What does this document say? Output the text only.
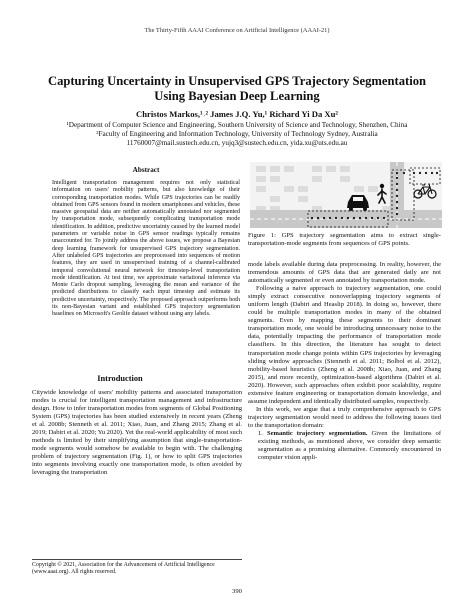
The Thirty-Fifth AAAI Conference on Artificial Intelligence (AAAI-21)
Capturing Uncertainty in Unsupervised GPS Trajectory Segmentation
Using Bayesian Deep Learning
Christos Markos,¹˒² James J.Q. Yu,¹ Richard Yi Da Xu²
¹Department of Computer Science and Engineering, Southern University of Science and Technology, Shenzhen, China
²Faculty of Engineering and Information Technology, University of Technology Sydney, Australia
11760007@mail.sustech.edu.cn, yujq3@sustech.edu.cn, yida.xu@uts.edu.au
Abstract

Intelligent transportation management requires not only statistical information on users' mobility patterns, but also knowledge of their corresponding transportation modes. While GPS trajectories can be readily obtained from GPS sensors found in modern smartphones and vehicles, these massive geospatial data are neither automatically annotated nor segmented by transportation mode, subsequently complicating transportation mode identification. In addition, predictive uncertainty caused by the learned model parameters or variable noise in GPS sensor readings typically remains unaccounted for. To jointly address the above issues, we propose a Bayesian deep learning framework for unsupervised GPS trajectory segmentation. After unlabeled GPS trajectories are preprocessed into sequences of motion features, they are used in unsupervised training of a channel-calibrated temporal convolutional neural network for timestep-level transportation mode identification. At test time, we approximate variational inference via Monte Carlo dropout sampling, leveraging the mean and variance of the predicted distributions to classify each input timestep and estimate its predictive uncertainty, respectively. The proposed approach outperforms both its non-Bayesian variant and established GPS trajectory segmentation baselines on Microsoft's Geolife dataset without using any labels.

Introduction

Citywide knowledge of users' mobility patterns and associated transportation modes is crucial for intelligent transportation management and infrastructure design. How to infer transportation modes from segments of Global Positioning System (GPS) trajectories has been studied extensively in recent years (Zheng et al. 2008b; Stenneth et al. 2011; Xiao, Juan, and Zhang 2015; Zhang et al. 2019; Dabiri et al. 2020; Yu 2020). Yet the real-world applicability of most such methods is limited by their simplifying assumption that single-transportation-mode segments would somehow be available to begin with. The challenging problem of trajectory segmentation (Fig. 1), or how to split GPS trajectories into segments involving exactly one transportation mode, is often avoided by leveraging the transportation

Copyright © 2021, Association for the Advancement of Artificial Intelligence (www.aaai.org). All rights reserved.
Figure 1: GPS trajectory segmentation aims to extract single-transportation-mode segments from sequences of GPS points.

mode labels available during data preprocessing. In reality, however, the tremendous amounts of GPS data that are generated daily are not automatically segmented or even annotated by transportation mode.

Following a naive approach to trajectory segmentation, one could simply extract consecutive nonoverlapping trajectory segments of uniform length (Dabiri and Heaslip 2018). In doing so, however, there could be multiple transportation modes in many of the obtained segments. Even by mapping these segments to their dominant transportation mode, one would be introducing unnecessary noise to the data, potentially impacting the performance of transportation mode classifiers. In this direction, the literature has sought to detect transportation mode change points within GPS trajectories by leveraging sliding window approaches (Stenneth et al. 2011; Bolbol et al. 2012), mobility-based heuristics (Zheng et al. 2008b; Xiao, Juan, and Zhang 2015), and more recently, optimization-based algorithms (Dabiri et al. 2020). However, such approaches often exhibit poor scalability, require extensive feature engineering or transportation domain knowledge, and assume independent and identically distributed samples, respectively.

In this work, we argue that a truly comprehensive approach to GPS trajectory segmentation would need to address the following issues tied to the transportation domain:

1. Semantic trajectory segmentation. Given the limitations of existing methods, as mentioned above, we consider deep semantic segmentation as a promising alternative. Commonly encountered in computer vision appli-

390
